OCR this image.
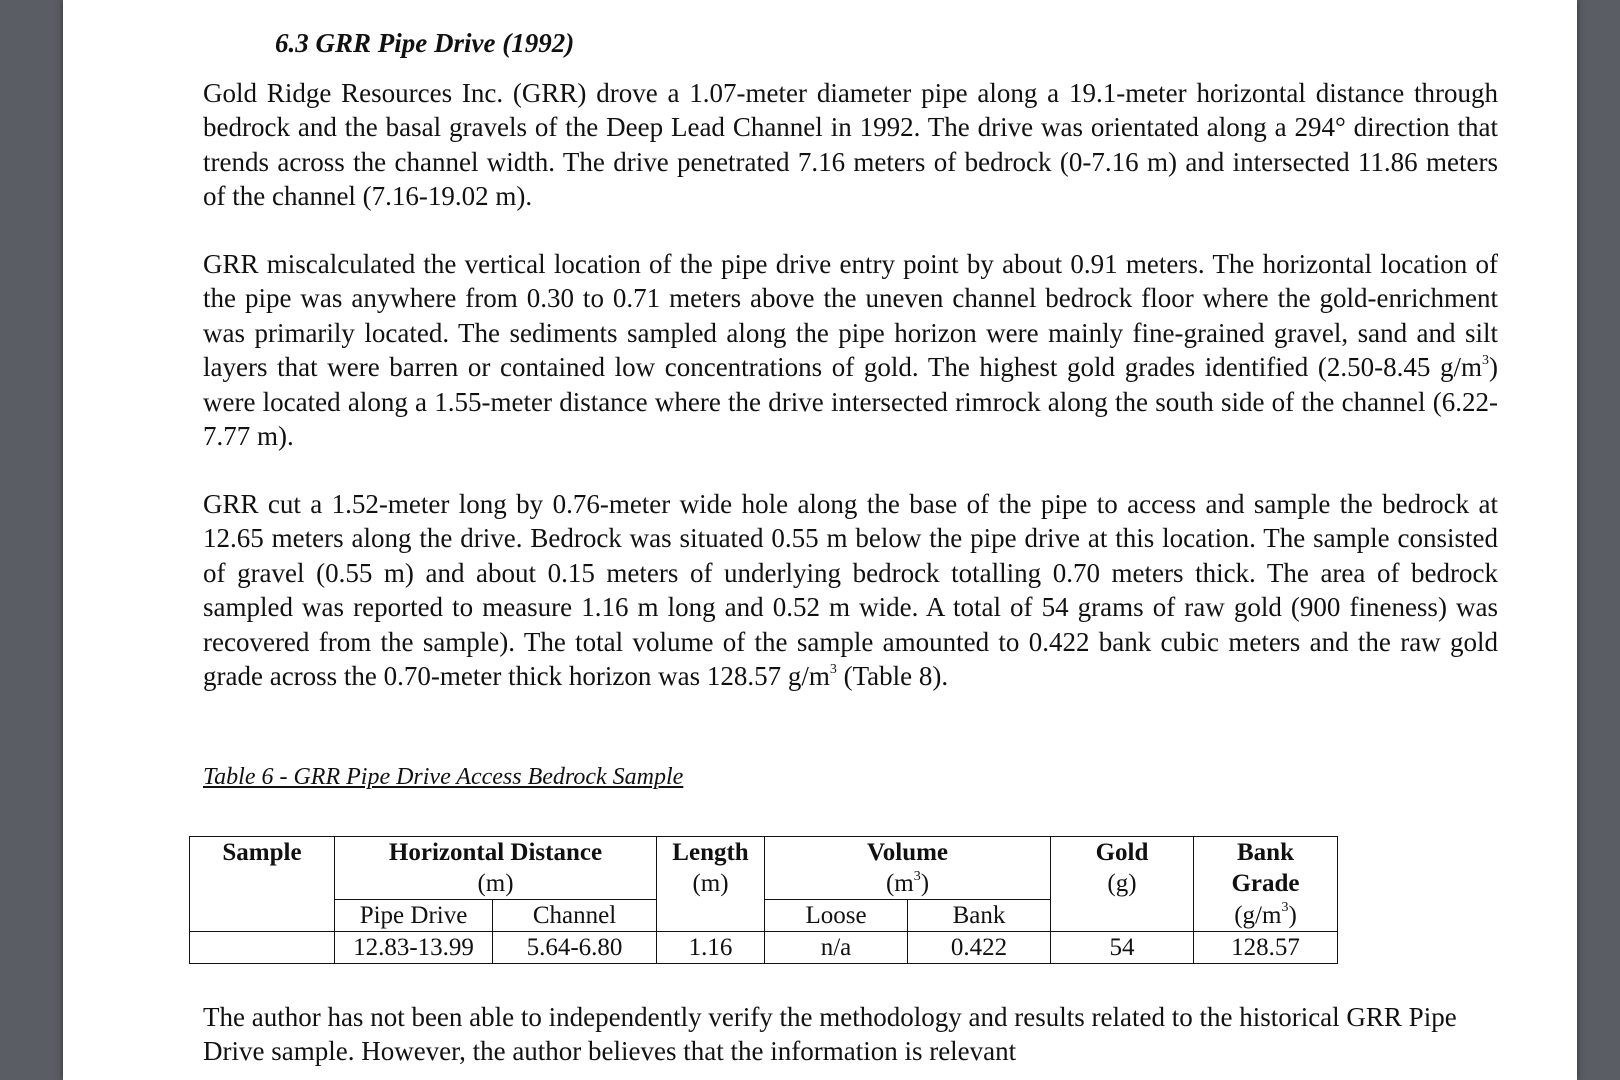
6.3 GRR Pipe Drive (1992)

Gold Ridge Resources Inc. (GRR) drove a 1.07-meter diameter pipe along a 19.1-meter horizontal distance through bedrock and the basal gravels of the Deep Lead Channel in 1992. The drive was orientated along a 294° direction that trends across the channel width. The drive penetrated 7.16 meters of bedrock (0-7.16 m) and intersected 11.86 meters of the channel (7.16-19.02 m).

GRR miscalculated the vertical location of the pipe drive entry point by about 0.91 meters. The horizontal location of the pipe was anywhere from 0.30 to 0.71 meters above the uneven channel bedrock floor where the gold-enrichment was primarily located. The sediments sampled along the pipe horizon were mainly fine-grained gravel, sand and silt layers that were barren or contained low concentrations of gold. The highest gold grades identified (2.50-8.45 $g/m^3$) were located along a 1.55-meter distance where the drive intersected rimrock along the south side of the channel (6.22-7.77 m).

GRR cut a 1.52-meter long by 0.76-meter wide hole along the base of the pipe to access and sample the bedrock at 12.65 meters along the drive. Bedrock was situated 0.55 m below the pipe drive at this location. The sample consisted of gravel (0.55 m) and about 0.15 meters of underlying bedrock totalling 0.70 meters thick. The area of bedrock sampled was reported to measure 1.16 m long and 0.52 m wide. A total of 54 grams of raw gold (900 fineness) was recovered from the sample). The total volume of the sample amounted to 0.422 bank cubic meters and the raw gold grade across the 0.70-meter thick horizon was 128.57 $g/m^3$ (Table 8).

Table 6 - GRR Pipe Drive Access Bedrock Sample
Sample	Horizontal Distance		Length	Volume		Gold	Bank
	(m)		(m)	$(m^3)$		(g)	Grade
	Pipe Drive	Channel		Loose	Bank		$(g/m^3)$
	12.83-13.99	5.64-6.80	1.16	n/a	0.422	54	128.57

The author has not been able to independently verify the methodology and results related to the historical GRR Pipe Drive sample. However, the author believes that the information is relevant
